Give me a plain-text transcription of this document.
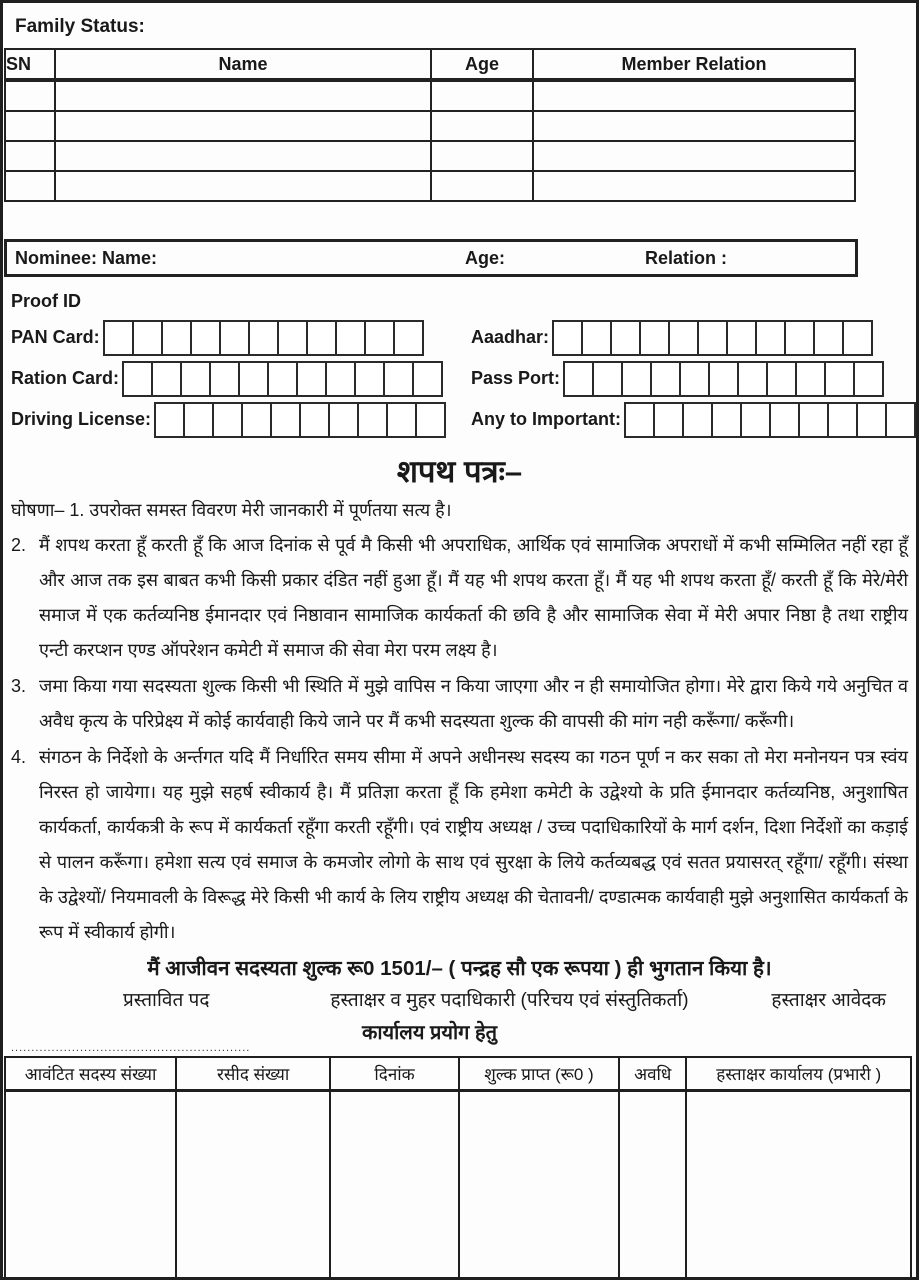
Family Status:
SN	Name	Age	Member Relation

Nominee: Name:	Age:	Relation :
Proof ID
PAN Card:	Aaadhar:
Ration Card:	Pass Port:
Driving License:	Any to Important:
शपथ पत्रः–
घोषणा– 1. उपरोक्त समस्त विवरण मेरी जानकारी में पूर्णतया सत्य है।
2. मैं शपथ करता हूँ करती हूँ कि आज दिनांक से पूर्व मै किसी भी अपराधिक, आर्थिक एवं सामाजिक अपराधों में कभी सम्मिलित नहीं रहा हूँ और आज तक इस बाबत कभी किसी प्रकार दंडित नहीं हुआ हूँ। मैं यह भी शपथ करता हूँ। मैं यह भी शपथ करता हूँ/ करती हूँ कि मेरे/मेरी समाज में एक कर्तव्यनिष्ठ ईमानदार एवं निष्ठावान सामाजिक कार्यकर्ता की छवि है और सामाजिक सेवा में मेरी अपार निष्ठा है तथा राष्ट्रीय एन्टी करप्शन एण्ड ऑपरेशन कमेटी में समाज की सेवा मेरा परम लक्ष्य है।
3. जमा किया गया सदस्यता शुल्क किसी भी स्थिति में मुझे वापिस न किया जाएगा और न ही समायोजित होगा। मेरे द्वारा किये गये अनुचित व अवैध कृत्य के परिप्रेक्ष्य में कोई कार्यवाही किये जाने पर मैं कभी सदस्यता शुल्क की वापसी की मांग नही करूँगा/ करूँगी।
4. संगठन के निर्देशो के अर्न्तगत यदि मैं निर्धारित समय सीमा में अपने अधीनस्थ सदस्य का गठन पूर्ण न कर सका तो मेरा मनोनयन पत्र स्वंय निरस्त हो जायेगा। यह मुझे सहर्ष स्वीकार्य है। मैं प्रतिज्ञा करता हूँ कि हमेशा कमेटी के उद्वेश्यो के प्रति ईमानदार कर्तव्यनिष्ठ, अनुशाषित कार्यकर्ता, कार्यकत्री के रूप में कार्यकर्ता रहूँगा करती रहूँगी। एवं राष्ट्रीय अध्यक्ष / उच्च पदाधिकारियों के मार्ग दर्शन, दिशा निर्देशों का कड़ाई से पालन करूँगा। हमेशा सत्य एवं समाज के कमजोर लोगो के साथ एवं सुरक्षा के लिये कर्तव्यबद्ध एवं सतत प्रयासरत् रहूँगा/ रहूँगी। संस्था के उद्वेश्यों/ नियमावली के विरूद्ध मेरे किसी भी कार्य के लिय राष्ट्रीय अध्यक्ष की चेतावनी/ दण्डात्मक कार्यवाही मुझे अनुशासित कार्यकर्ता के रूप में स्वीकार्य होगी।
मैं आजीवन सदस्यता शुल्क रू0 1501/– ( पन्द्रह सौ एक रूपया ) ही भुगतान किया है।
प्रस्तावित पद	हस्ताक्षर व मुहर पदाधिकारी (परिचय एवं संस्तुतिकर्ता)	हस्ताक्षर आवेदक
कार्यालय प्रयोग हेतु
...........................................................
आवंटित सदस्य संख्या	रसीद संख्या	दिनांक	शुल्क प्राप्त (रू0 )	अवधि	हस्ताक्षर कार्यालय (प्रभारी )
